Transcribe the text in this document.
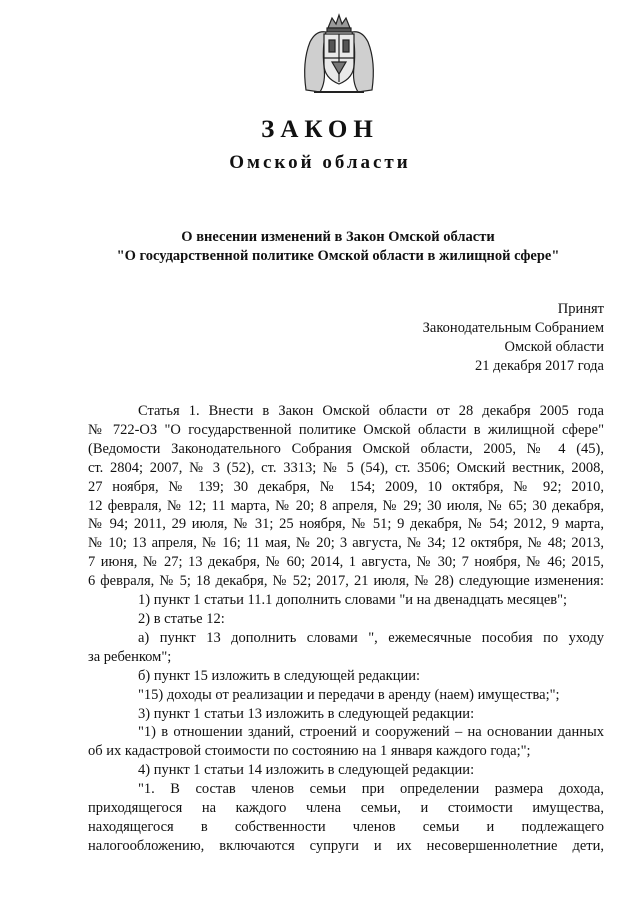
ЗАКОН
Омской области
О внесении изменений в Закон Омской области
"О государственной политике Омской области в жилищной сфере"
Принят
Законодательным Собранием
Омской области
21 декабря 2017 года

Статья 1. Внести в Закон Омской области от 28 декабря 2005 года

№ 722-ОЗ "О государственной политике Омской области в жилищной сфере"

(Ведомости Законодательного Собрания Омской области, 2005, № 4 (45),

ст. 2804; 2007, № 3 (52), ст. 3313; № 5 (54), ст. 3506; Омский вестник, 2008,

27 ноября, № 139; 30 декабря, № 154; 2009, 10 октября, № 92; 2010,

12 февраля, № 12; 11 марта, № 20; 8 апреля, № 29; 30 июля, № 65; 30 декабря,

№ 94; 2011, 29 июля, № 31; 25 ноября, № 51; 9 декабря, № 54; 2012, 9 марта,

№ 10; 13 апреля, № 16; 11 мая, № 20; 3 августа, № 34; 12 октября, № 48; 2013,

7 июня, № 27; 13 декабря, № 60; 2014, 1 августа, № 30; 7 ноября, № 46; 2015,

6 февраля, № 5; 18 декабря, № 52; 2017, 21 июля, № 28) следующие изменения:

1) пункт 1 статьи 11.1 дополнить словами "и на двенадцать месяцев";

2) в статье 12:

а) пункт 13 дополнить словами ", ежемесячные пособия по уходу

за ребенком";

б) пункт 15 изложить в следующей редакции:

"15) доходы от реализации и передачи в аренду (наем) имущества;";

3) пункт 1 статьи 13 изложить в следующей редакции:

"1) в отношении зданий, строений и сооружений – на основании данных

об их кадастровой стоимости по состоянию на 1 января каждого года;";

4) пункт 1 статьи 14 изложить в следующей редакции:

"1. В состав членов семьи при определении размера дохода,

приходящегося на каждого члена семьи, и стоимости имущества,

находящегося в собственности членов семьи и подлежащего

налогообложению, включаются супруги и их несовершеннолетние дети,
